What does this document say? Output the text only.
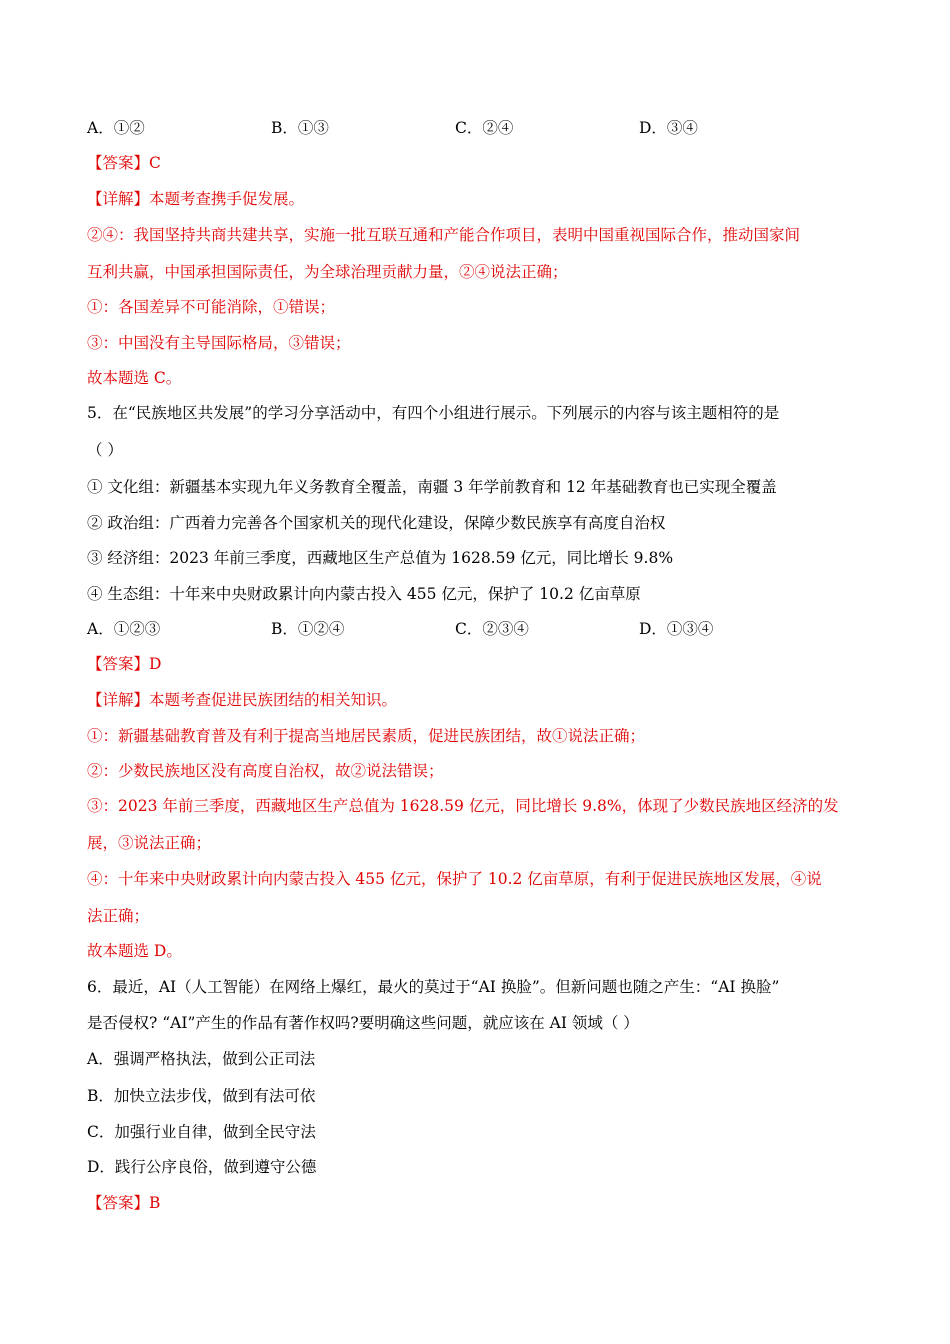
A．①②	B．①③	C．②④	D．③④
【答案】C
【详解】本题考查携手促发展。
②④：我国坚持共商共建共享，实施一批互联互通和产能合作项目，表明中国重视国际合作，推动国家间
互利共赢，中国承担国际责任，为全球治理贡献力量，②④说法正确；
①：各国差异不可能消除，①错误；
③：中国没有主导国际格局，③错误；
故本题选 C。
5．在“民族地区共发展”的学习分享活动中，有四个小组进行展示。下列展示的内容与该主题相符的是
（ ）
① 文化组：新疆基本实现九年义务教育全覆盖，南疆 3 年学前教育和 12 年基础教育也已实现全覆盖
② 政治组：广西着力完善各个国家机关的现代化建设，保障少数民族享有高度自治权
③ 经济组：2023 年前三季度，西藏地区生产总值为 1628.59 亿元，同比增长 9.8%
④ 生态组：十年来中央财政累计向内蒙古投入 455 亿元，保护了 10.2 亿亩草原
A．①②③	B．①②④	C．②③④	D．①③④
【答案】D
【详解】本题考查促进民族团结的相关知识。
①：新疆基础教育普及有利于提高当地居民素质，促进民族团结，故①说法正确；
②：少数民族地区没有高度自治权，故②说法错误；
③：2023 年前三季度，西藏地区生产总值为 1628.59 亿元，同比增长 9.8%，体现了少数民族地区经济的发
展，③说法正确；
④：十年来中央财政累计向内蒙古投入 455 亿元，保护了 10.2 亿亩草原，有利于促进民族地区发展，④说
法正确；
故本题选 D。
6．最近，AI（人工智能）在网络上爆红，最火的莫过于“AI 换脸”。但新问题也随之产生：“AI 换脸”
是否侵权? “AI”产生的作品有著作权吗?要明确这些问题，就应该在 AI 领域（ ）
A．强调严格执法，做到公正司法
B．加快立法步伐，做到有法可依
C．加强行业自律，做到全民守法
D．践行公序良俗，做到遵守公德
【答案】B
